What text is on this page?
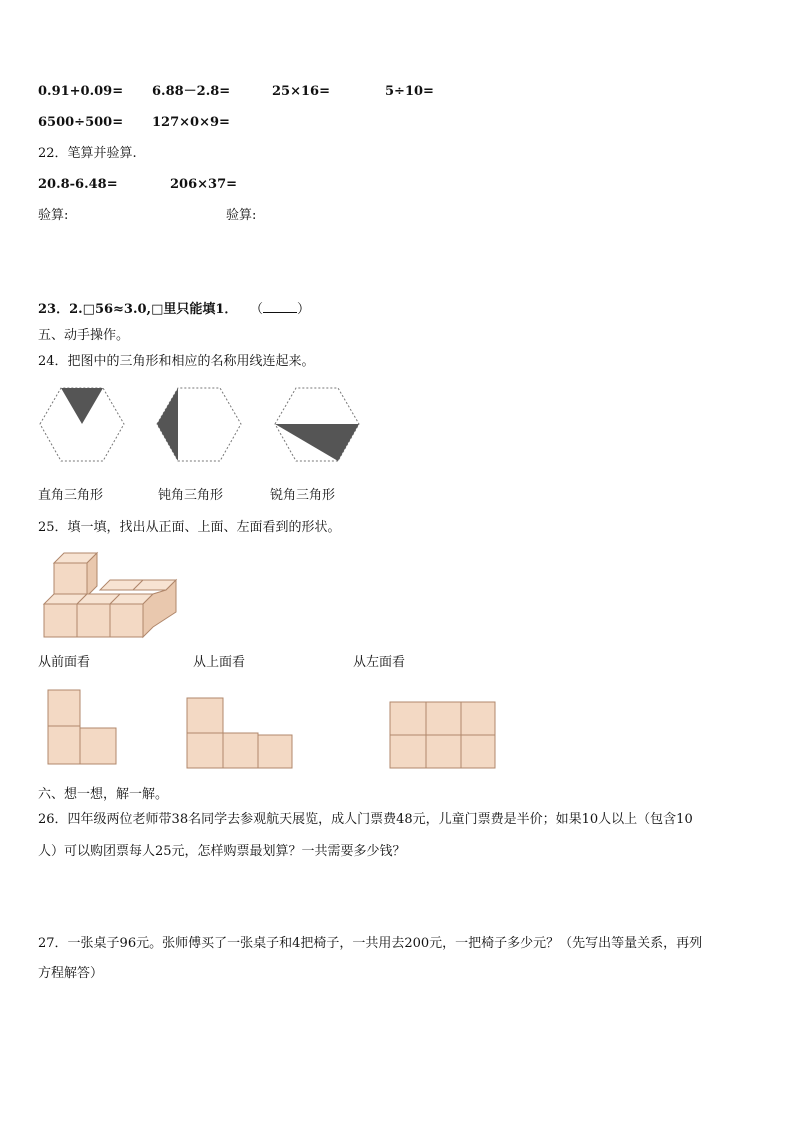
0.91+0.09= 6.88－2.8=	25×16=	5÷10=
6500÷500= 127×0×9=
22．笔算并验算.
20.8-6.48=	206×37=
验算:	验算:
23．2.□56≈3.0,□里只能填1． （	）
五、动手操作。
24．把图中的三角形和相应的名称用线连起来。
直角三角形	钝角三角形	锐角三角形
25．填一填，找出从正面、上面、左面看到的形状。
从前面看	从上面看	从左面看
六、想一想，解一解。
26．四年级两位老师带38名同学去参观航天展览，成人门票费48元，儿童门票费是半价；如果10人以上（包含10
人）可以购团票每人25元，怎样购票最划算？一共需要多少钱？
27．一张桌子96元。张师傅买了一张桌子和4把椅子，一共用去200元，一把椅子多少元？（先写出等量关系，再列
方程解答）
